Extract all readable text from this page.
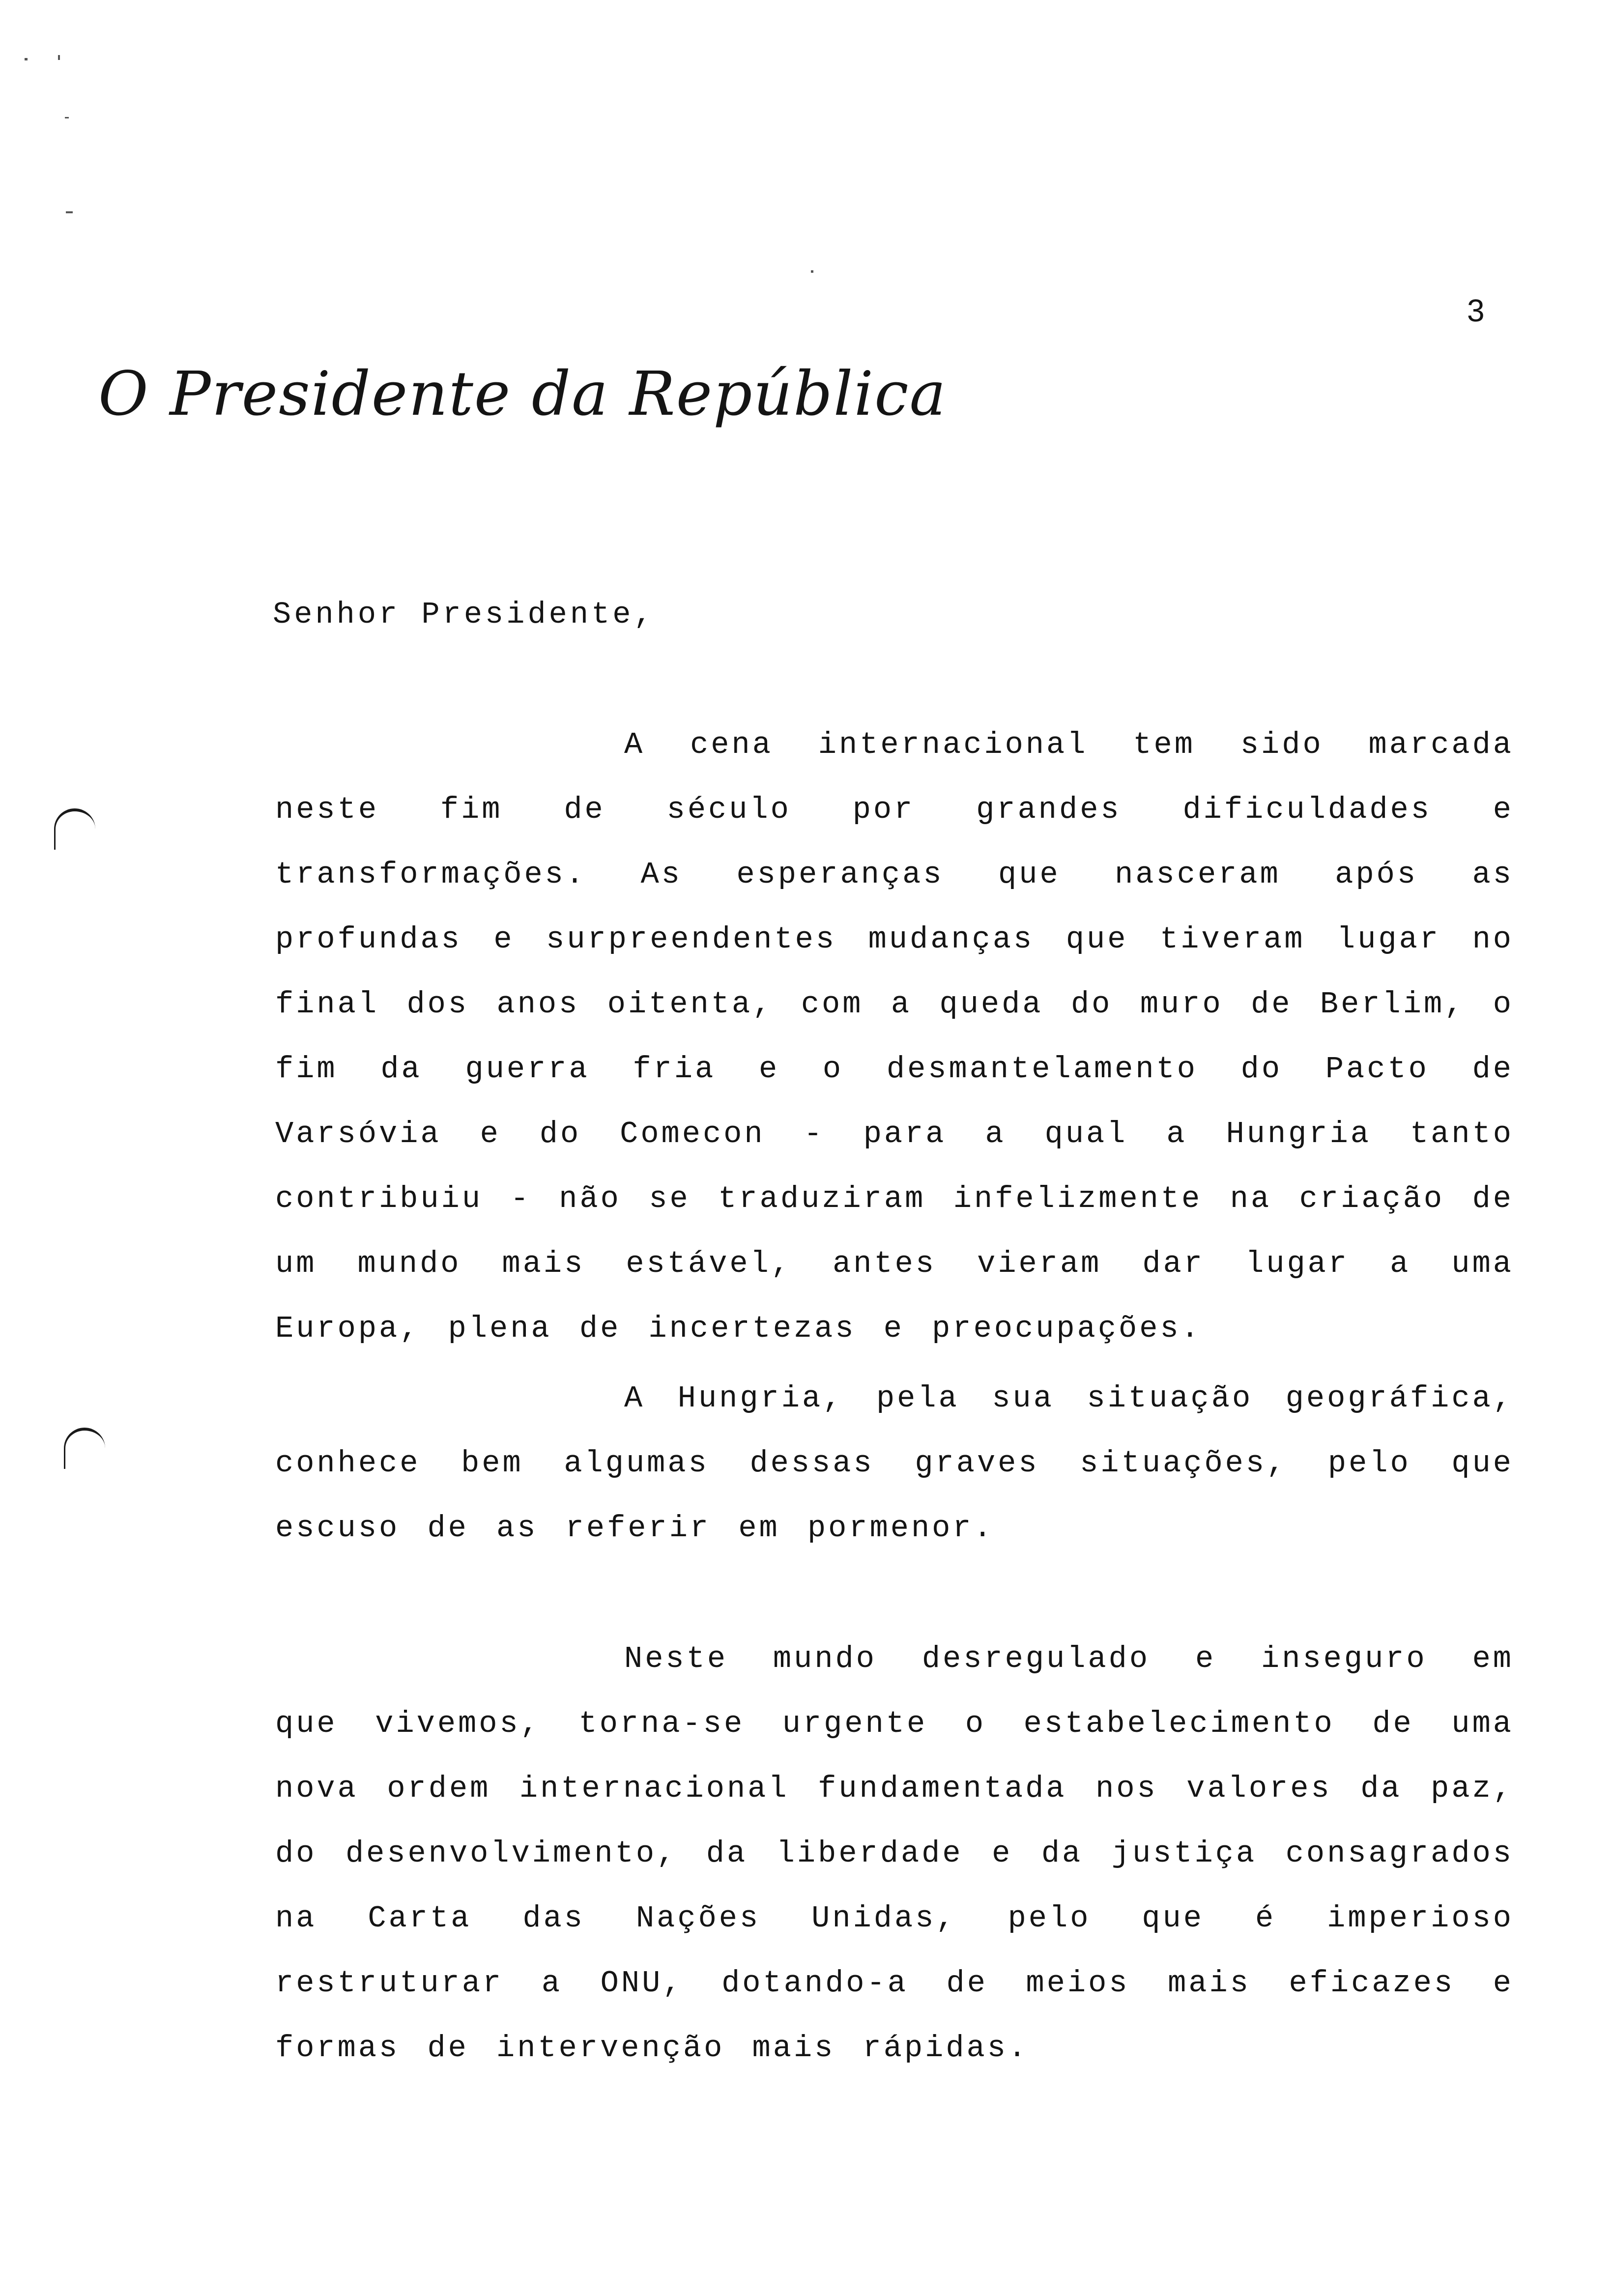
3
O Presidente da República
Senhor Presidente,

A cena internacional tem sido marcada neste fim de século por grandes dificuldades e transformações. As esperanças que nasceram após as profundas e surpreendentes mudanças que tiveram lugar no final dos anos oitenta, com a queda do muro de Berlim, o fim da guerra fria e o desmantelamento do Pacto de Varsóvia e do Comecon - para a qual a Hungria tanto contribuiu - não se traduziram infelizmente na criação de um mundo mais estável, antes vieram dar lugar a uma Europa, plena de incertezas e preocupações.

A Hungria, pela sua situação geográfica, conhece bem algumas dessas graves situações, pelo que escuso de as referir em pormenor.

Neste mundo desregulado e inseguro em que vivemos, torna-se urgente o estabelecimento de uma nova ordem internacional fundamentada nos valores da paz, do desenvolvimento, da liberdade e da justiça consagrados na Carta das Nações Unidas, pelo que é imperioso restruturar a ONU, dotando-a de meios mais eficazes e formas de intervenção mais rápidas.
